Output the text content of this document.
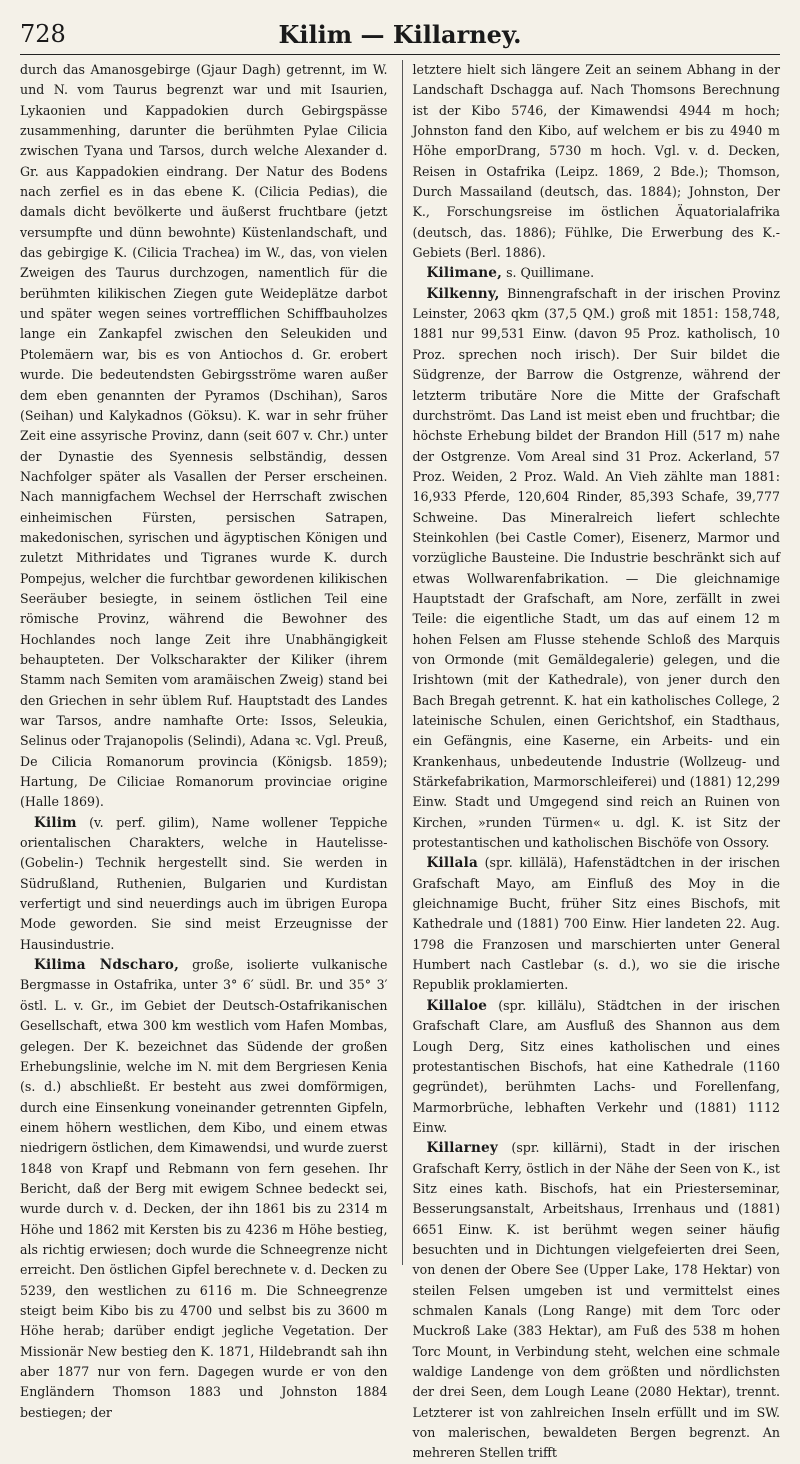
728	Kilim — Killarney.

durch das Amanosgebirge (Gjaur Dagh) getrennt, im W. und N. vom Taurus begrenzt war und mit Isaurien, Lykaonien und Kappadokien durch Gebirgspässe zusammenhing, darunter die berühmten Pylae Cilicia zwischen Tyana und Tarsos, durch welche Alexander d. Gr. aus Kappadokien eindrang. Der Natur des Bodens nach zerfiel es in das ebene K. (Cilicia Pedias), die damals dicht bevölkerte und äußerst fruchtbare (jetzt versumpfte und dünn bewohnte) Küstenlandschaft, und das gebirgige K. (Cilicia Trachea) im W., das, von vielen Zweigen des Taurus durchzogen, namentlich für die berühmten kilikischen Ziegen gute Weideplätze darbot und später wegen seines vortrefflichen Schiffbauholzes lange ein Zankapfel zwischen den Seleukiden und Ptolemäern war, bis es von Antiochos d. Gr. erobert wurde. Die bedeutendsten Gebirgsströme waren außer dem eben genannten der Pyramos (Dschihan), Saros (Seihan) und Kalykadnos (Göksu). K. war in sehr früher Zeit eine assyrische Provinz, dann (seit 607 v. Chr.) unter der Dynastie des Syennesis selbständig, dessen Nachfolger später als Vasallen der Perser erscheinen. Nach mannigfachem Wechsel der Herrschaft zwischen einheimischen Fürsten, persischen Satrapen, makedonischen, syrischen und ägyptischen Königen und zuletzt Mithridates und Tigranes wurde K. durch Pompejus, welcher die furchtbar gewordenen kilikischen Seeräuber besiegte, in seinem östlichen Teil eine römische Provinz, während die Bewohner des Hochlandes noch lange Zeit ihre Unabhängigkeit behaupteten. Der Volkscharakter der Kiliker (ihrem Stamm nach Semiten vom aramäischen Zweig) stand bei den Griechen in sehr üblem Ruf. Hauptstadt des Landes war Tarsos, andre namhafte Orte: Issos, Seleukia, Selinus oder Trajanopolis (Selindi), Adana ꝛc. Vgl. Preuß, De Cilicia Romanorum provincia (Königsb. 1859); Hartung, De Ciliciae Romanorum provinciae origine (Halle 1869).

Kilim (v. perf. gilim), Name wollener Teppiche orientalischen Charakters, welche in Hautelisse- (Gobelin-) Technik hergestellt sind. Sie werden in Südrußland, Ruthenien, Bulgarien und Kurdistan verfertigt und sind neuerdings auch im übrigen Europa Mode geworden. Sie sind meist Erzeugnisse der Hausindustrie.

Kilima Ndscharo, große, isolierte vulkanische Bergmasse in Ostafrika, unter 3° 6′ südl. Br. und 35° 3′ östl. L. v. Gr., im Gebiet der Deutsch-Ostafrikanischen Gesellschaft, etwa 300 km westlich vom Hafen Mombas, gelegen. Der K. bezeichnet das Südende der großen Erhebungslinie, welche im N. mit dem Bergriesen Kenia (s. d.) abschließt. Er besteht aus zwei domförmigen, durch eine Einsenkung voneinander getrennten Gipfeln, einem höhern westlichen, dem Kibo, und einem etwas niedrigern östlichen, dem Kimawendsi, und wurde zuerst 1848 von Krapf und Rebmann von fern gesehen. Ihr Bericht, daß der Berg mit ewigem Schnee bedeckt sei, wurde durch v. d. Decken, der ihn 1861 bis zu 2314 m Höhe und 1862 mit Kersten bis zu 4236 m Höhe bestieg, als richtig erwiesen; doch wurde die Schneegrenze nicht erreicht. Den östlichen Gipfel berechnete v. d. Decken zu 5239, den westlichen zu 6116 m. Die Schneegrenze steigt beim Kibo bis zu 4700 und selbst bis zu 3600 m Höhe herab; darüber endigt jegliche Vegetation. Der Missionär New bestieg den K. 1871, Hildebrandt sah ihn aber 1877 nur von fern. Dagegen wurde er von den Engländern Thomson 1883 und Johnston 1884 bestiegen; der

letztere hielt sich längere Zeit an seinem Abhang in der Landschaft Dschagga auf. Nach Thomsons Berechnung ist der Kibo 5746, der Kimawendsi 4944 m hoch; Johnston fand den Kibo, auf welchem er bis zu 4940 m Höhe emporDrang, 5730 m hoch. Vgl. v. d. Decken, Reisen in Ostafrika (Leipz. 1869, 2 Bde.); Thomson, Durch Massailand (deutsch, das. 1884); Johnston, Der K., Forschungsreise im östlichen Äquatorialafrika (deutsch, das. 1886); Fühlke, Die Erwerbung des K.-Gebiets (Berl. 1886).

Kilimane, s. Quillimane.

Kilkenny, Binnengrafschaft in der irischen Provinz Leinster, 2063 qkm (37,5 QM.) groß mit 1851: 158,748, 1881 nur 99,531 Einw. (davon 95 Proz. katholisch, 10 Proz. sprechen noch irisch). Der Suir bildet die Südgrenze, der Barrow die Ostgrenze, während der letzterm tributäre Nore die Mitte der Grafschaft durchströmt. Das Land ist meist eben und fruchtbar; die höchste Erhebung bildet der Brandon Hill (517 m) nahe der Ostgrenze. Vom Areal sind 31 Proz. Ackerland, 57 Proz. Weiden, 2 Proz. Wald. An Vieh zählte man 1881: 16,933 Pferde, 120,604 Rinder, 85,393 Schafe, 39,777 Schweine. Das Mineralreich liefert schlechte Steinkohlen (bei Castle Comer), Eisenerz, Marmor und vorzügliche Bausteine. Die Industrie beschränkt sich auf etwas Wollwarenfabrikation. — Die gleichnamige Hauptstadt der Grafschaft, am Nore, zerfällt in zwei Teile: die eigentliche Stadt, um das auf einem 12 m hohen Felsen am Flusse stehende Schloß des Marquis von Ormonde (mit Gemäldegalerie) gelegen, und die Irishtown (mit der Kathedrale), von jener durch den Bach Bregah getrennt. K. hat ein katholisches College, 2 lateinische Schulen, einen Gerichtshof, ein Stadthaus, ein Gefängnis, eine Kaserne, ein Arbeits- und ein Krankenhaus, unbedeutende Industrie (Wollzeug- und Stärkefabrikation, Marmorschleiferei) und (1881) 12,299 Einw. Stadt und Umgegend sind reich an Ruinen von Kirchen, »runden Türmen« u. dgl. K. ist Sitz der protestantischen und katholischen Bischöfe von Ossory.

Killala (spr. killälä), Hafenstädtchen in der irischen Grafschaft Mayo, am Einfluß des Moy in die gleichnamige Bucht, früher Sitz eines Bischofs, mit Kathedrale und (1881) 700 Einw. Hier landeten 22. Aug. 1798 die Franzosen und marschierten unter General Humbert nach Castlebar (s. d.), wo sie die irische Republik proklamierten.

Killaloe (spr. killälu), Städtchen in der irischen Grafschaft Clare, am Ausfluß des Shannon aus dem Lough Derg, Sitz eines katholischen und eines protestantischen Bischofs, hat eine Kathedrale (1160 gegründet), berühmten Lachs- und Forellenfang, Marmorbrüche, lebhaften Verkehr und (1881) 1112 Einw.

Killarney (spr. killärni), Stadt in der irischen Grafschaft Kerry, östlich in der Nähe der Seen von K., ist Sitz eines kath. Bischofs, hat ein Priesterseminar, Besserungsanstalt, Arbeitshaus, Irrenhaus und (1881) 6651 Einw. K. ist berühmt wegen seiner häufig besuchten und in Dichtungen vielgefeierten drei Seen, von denen der Obere See (Upper Lake, 178 Hektar) von steilen Felsen umgeben ist und vermittelst eines schmalen Kanals (Long Range) mit dem Torc oder Muckroß Lake (383 Hektar), am Fuß des 538 m hohen Torc Mount, in Verbindung steht, welchen eine schmale waldige Landenge von dem größten und nördlichsten der drei Seen, dem Lough Leane (2080 Hektar), trennt. Letzterer ist von zahlreichen Inseln erfüllt und im SW. von malerischen, bewaldeten Bergen begrenzt. An mehreren Stellen trifft
